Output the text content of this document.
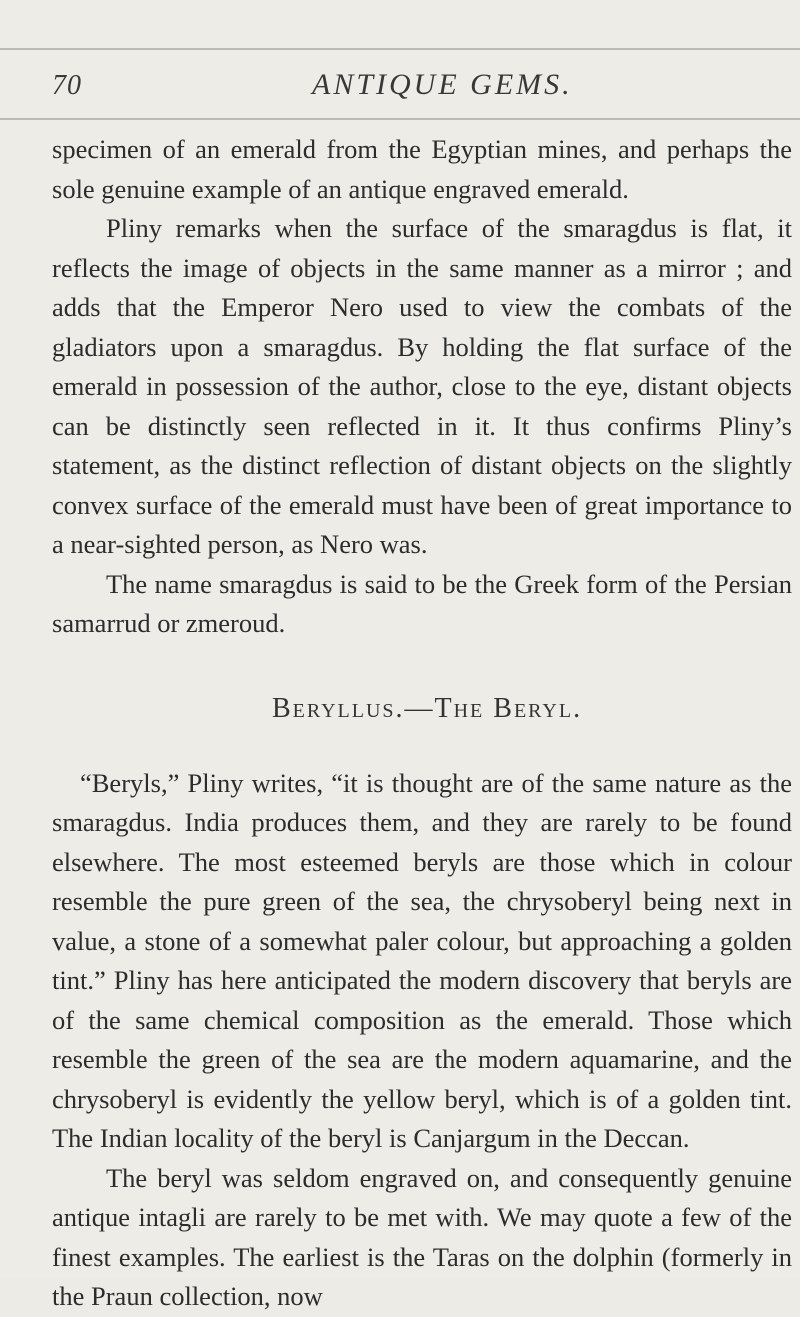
70	ANTIQUE GEMS.

specimen of an emerald from the Egyptian mines, and perhaps the sole genuine example of an antique engraved emerald.

Pliny remarks when the surface of the smaragdus is flat, it reflects the image of objects in the same manner as a mirror ; and adds that the Emperor Nero used to view the combats of the gladiators upon a smaragdus. By holding the flat surface of the emerald in possession of the author, close to the eye, distant objects can be distinctly seen reflected in it. It thus confirms Pliny’s statement, as the distinct reflection of distant objects on the slightly convex surface of the emerald must have been of great importance to a near-sighted person, as Nero was.

The name smaragdus is said to be the Greek form of the Persian samarrud or zmeroud.

Beryllus.—The Beryl.

“Beryls,” Pliny writes, “it is thought are of the same nature as the smaragdus. India produces them, and they are rarely to be found elsewhere. The most esteemed beryls are those which in colour resemble the pure green of the sea, the chrysoberyl being next in value, a stone of a somewhat paler colour, but approaching a golden tint.” Pliny has here anticipated the modern discovery that beryls are of the same chemical composition as the emerald. Those which resemble the green of the sea are the modern aquamarine, and the chrysoberyl is evidently the yellow beryl, which is of a golden tint. The Indian locality of the beryl is Canjargum in the Deccan.

The beryl was seldom engraved on, and consequently genuine antique intagli are rarely to be met with. We may quote a few of the finest examples. The earliest is the Taras on the dolphin (formerly in the Praun collection, now
